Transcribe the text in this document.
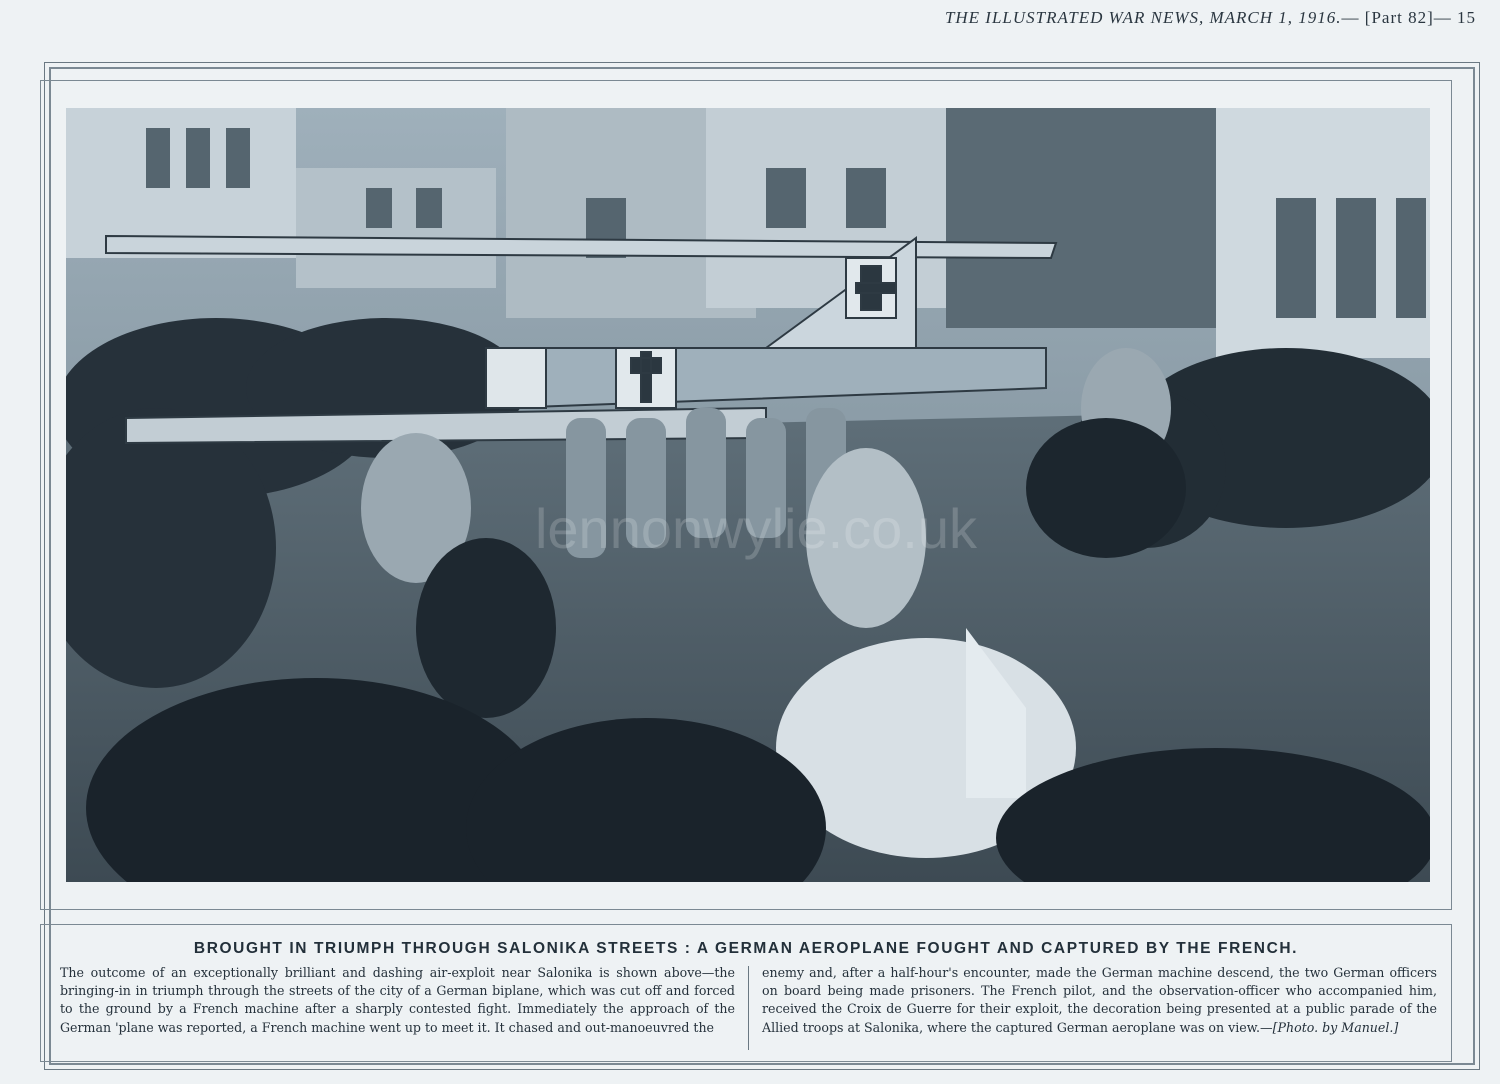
THE ILLUSTRATED WAR NEWS, MARCH 1, 1916.— [Part 82]— 15
lennonwylie.co.uk
BROUGHT IN TRIUMPH THROUGH SALONIKA STREETS : A GERMAN AEROPLANE FOUGHT AND CAPTURED BY THE FRENCH.
The outcome of an exceptionally brilliant and dashing air-exploit near Salonika is shown above—the bringing-in in triumph through the streets of the city of a German biplane, which was cut off and forced to the ground by a French machine after a sharply contested fight. Immediately the approach of the German 'plane was reported, a French machine went up to meet it. It chased and out-manoeuvred the
enemy and, after a half-hour's encounter, made the German machine descend, the two German officers on board being made prisoners. The French pilot, and the observation-officer who accompanied him, received the Croix de Guerre for their exploit, the decoration being presented at a public parade of the Allied troops at Salonika, where the captured German aeroplane was on view.—[Photo. by Manuel.]
